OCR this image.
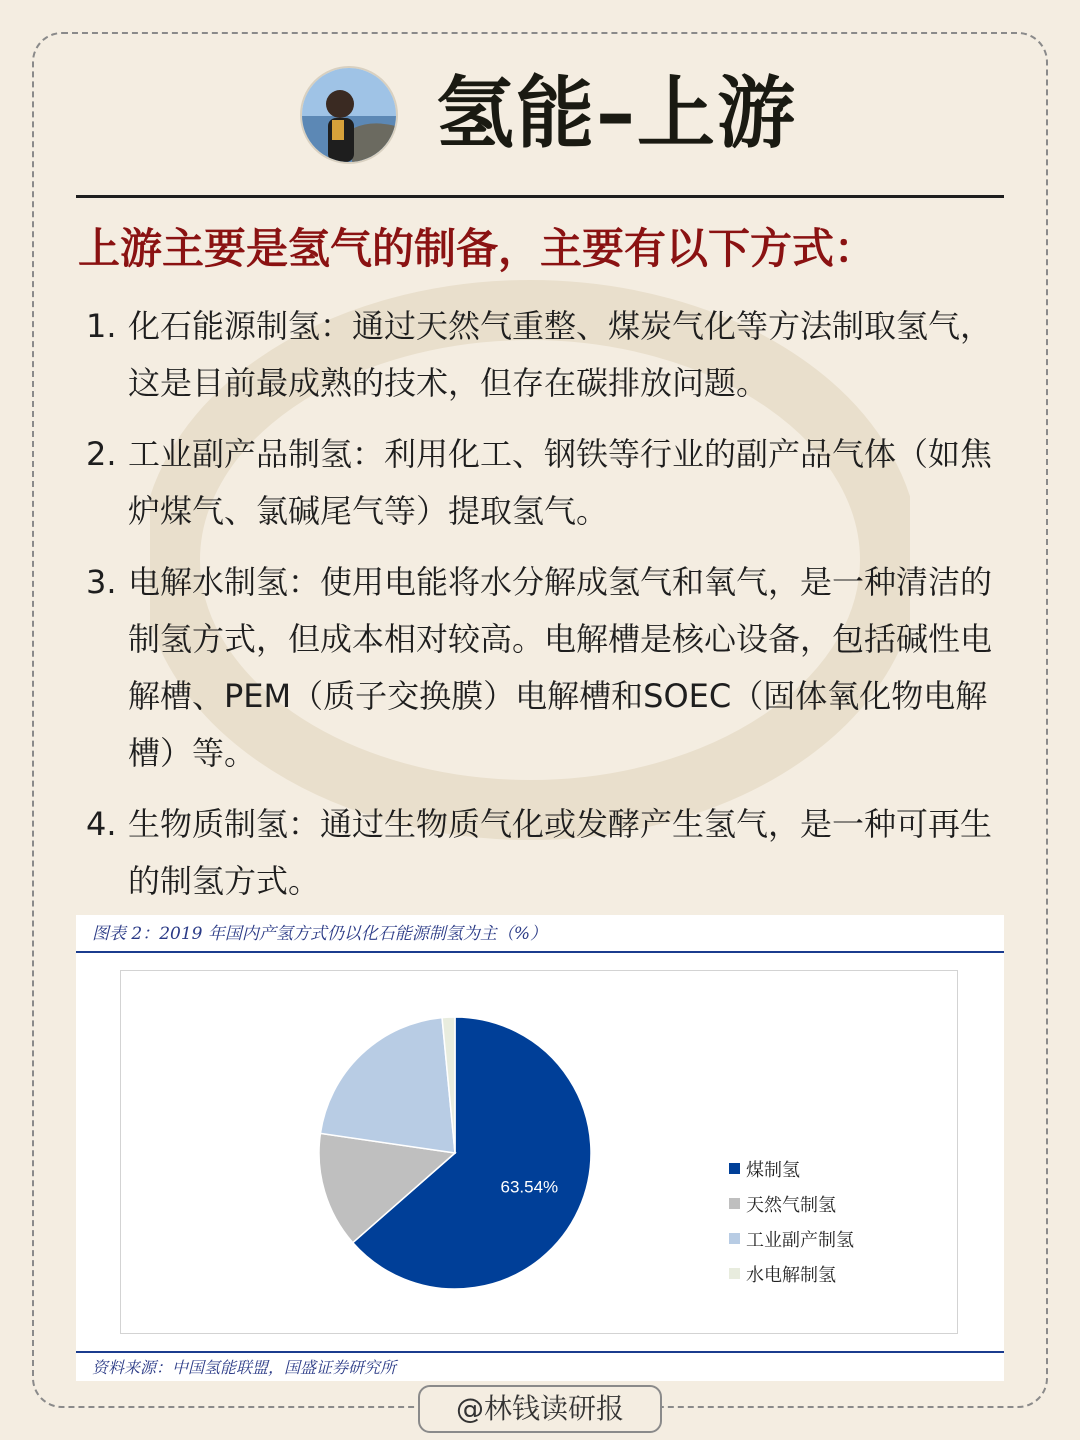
氢能–上游
上游主要是氢气的制备，主要有以下方式：
1. 化石能源制氢：通过天然气重整、煤炭气化等方法制取氢气，这是目前最成熟的技术，但存在碳排放问题。
2. 工业副产品制氢：利用化工、钢铁等行业的副产品气体（如焦炉煤气、氯碱尾气等）提取氢气。
3. 电解水制氢：使用电能将水分解成氢气和氧气，是一种清洁的制氢方式，但成本相对较高。电解槽是核心设备，包括碱性电解槽、PEM（质子交换膜）电解槽和SOEC（固体氧化物电解槽）等。
4. 生物质制氢：通过生物质气化或发酵产生氢气，是一种可再生的制氢方式。
图表 2：2019 年国内产氢方式仍以化石能源制氢为主（%）
63.54%
煤制氢
天然气制氢
工业副产制氢
水电解制氢
资料来源：中国氢能联盟，国盛证券研究所
@林钱读研报
